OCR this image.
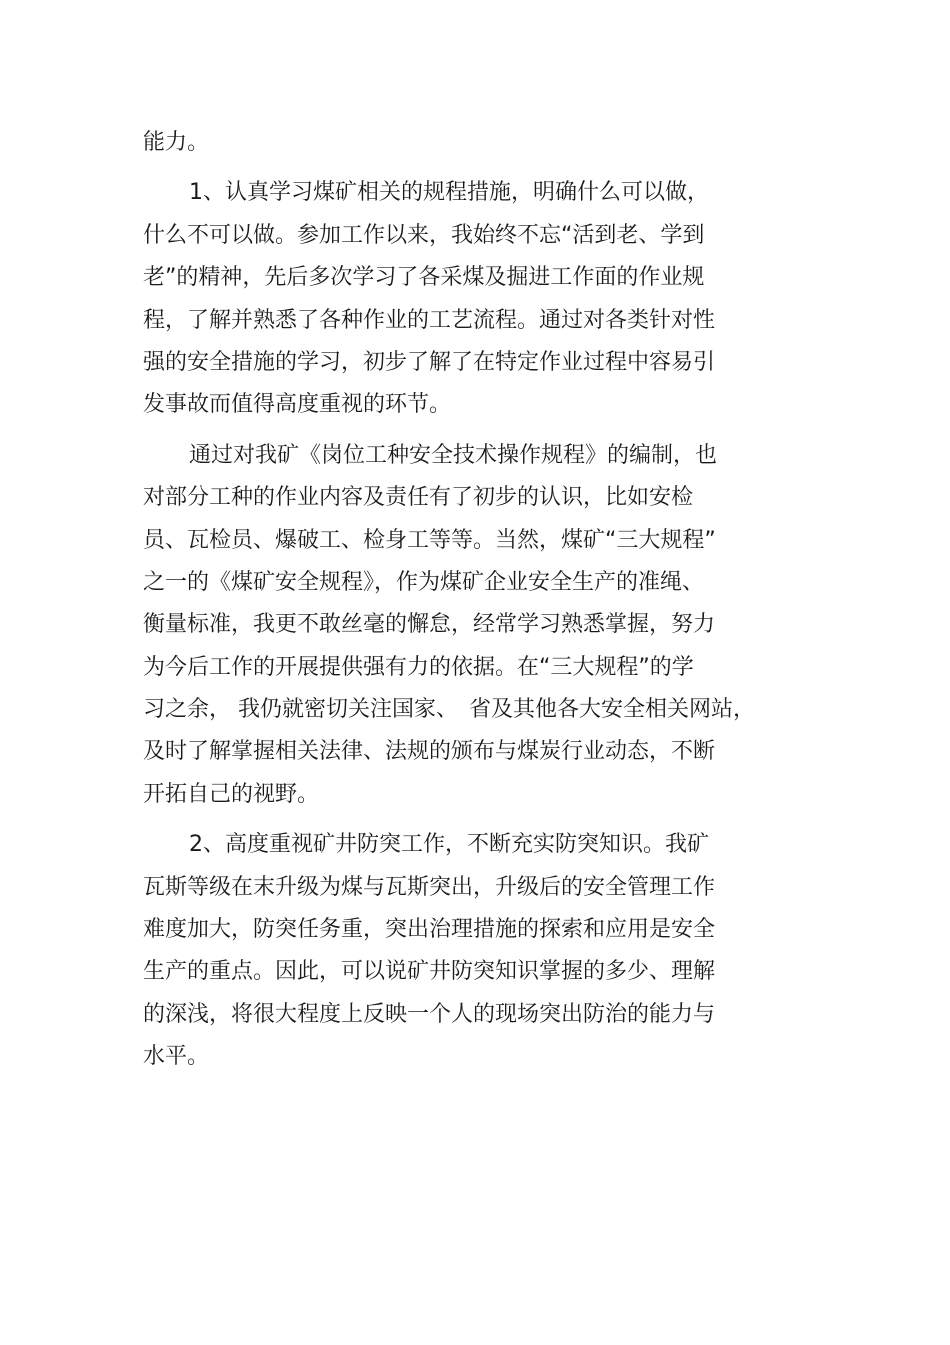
能力。
1、认真学习煤矿相关的规程措施，明确什么可以做，
什么不可以做。参加工作以来，我始终不忘“活到老、学到
老”的精神，先后多次学习了各采煤及掘进工作面的作业规
程，了解并熟悉了各种作业的工艺流程。通过对各类针对性
强的安全措施的学习，初步了解了在特定作业过程中容易引
发事故而值得高度重视的环节。
通过对我矿《岗位工种安全技术操作规程》的编制，也
对部分工种的作业内容及责任有了初步的认识，比如安检
员、瓦检员、爆破工、检身工等等。当然，煤矿“三大规程”
之一的《煤矿安全规程》，作为煤矿企业安全生产的准绳、
衡量标准，我更不敢丝毫的懈怠，经常学习熟悉掌握，努力
为今后工作的开展提供强有力的依据。在“三大规程”的学
习之余， 我仍就密切关注国家、　省及其他各大安全相关网站，
及时了解掌握相关法律、法规的颁布与煤炭行业动态，不断
开拓自己的视野。
2、高度重视矿井防突工作，不断充实防突知识。我矿
瓦斯等级在末升级为煤与瓦斯突出，升级后的安全管理工作
难度加大，防突任务重，突出治理措施的探索和应用是安全
生产的重点。因此，可以说矿井防突知识掌握的多少、理解
的深浅，将很大程度上反映一个人的现场突出防治的能力与
水平。
